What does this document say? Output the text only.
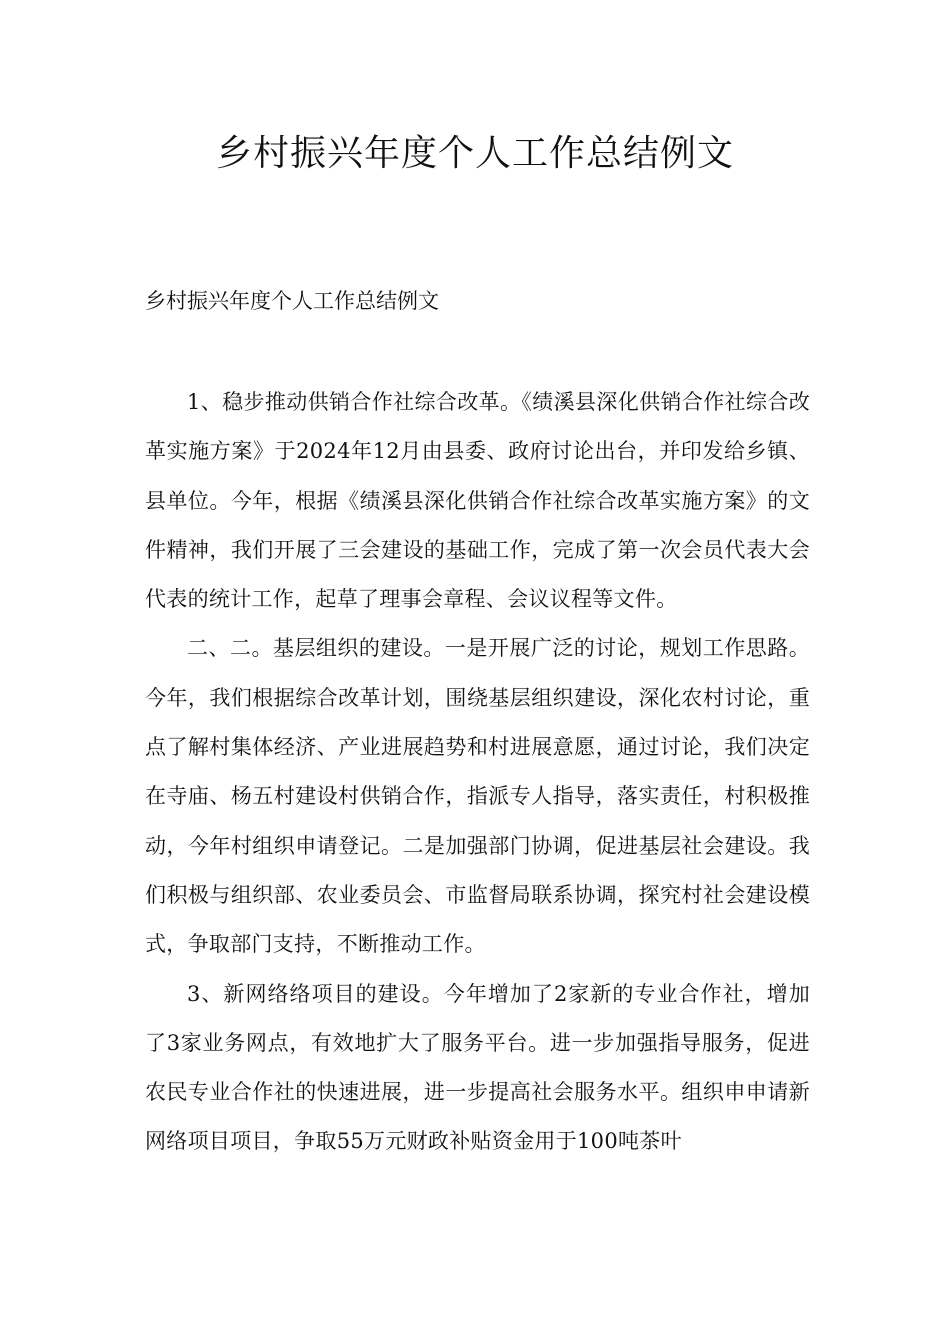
乡村振兴年度个人工作总结例文
乡村振兴年度个人工作总结例文

1、稳步推动供销合作社综合改革。《绩溪县深化供销合作社综合改革实施方案》于2024年12月由县委、政府讨论出台，并印发给乡镇、县单位。今年，根据《绩溪县深化供销合作社综合改革实施方案》的文件精神，我们开展了三会建设的基础工作，完成了第一次会员代表大会代表的统计工作，起草了理事会章程、会议议程等文件。

二、二。基层组织的建设。一是开展广泛的讨论，规划工作思路。今年，我们根据综合改革计划，围绕基层组织建设，深化农村讨论，重点了解村集体经济、产业进展趋势和村进展意愿，通过讨论，我们决定在寺庙、杨五村建设村供销合作，指派专人指导，落实责任，村积极推动，今年村组织申请登记。二是加强部门协调，促进基层社会建设。我们积极与组织部、农业委员会、市监督局联系协调，探究村社会建设模式，争取部门支持，不断推动工作。

3、新网络络项目的建设。今年增加了2家新的专业合作社，增加了3家业务网点，有效地扩大了服务平台。进一步加强指导服务，促进农民专业合作社的快速进展，进一步提高社会服务水平。组织申申请新网络项目项目，争取55万元财政补贴资金用于100吨茶叶
